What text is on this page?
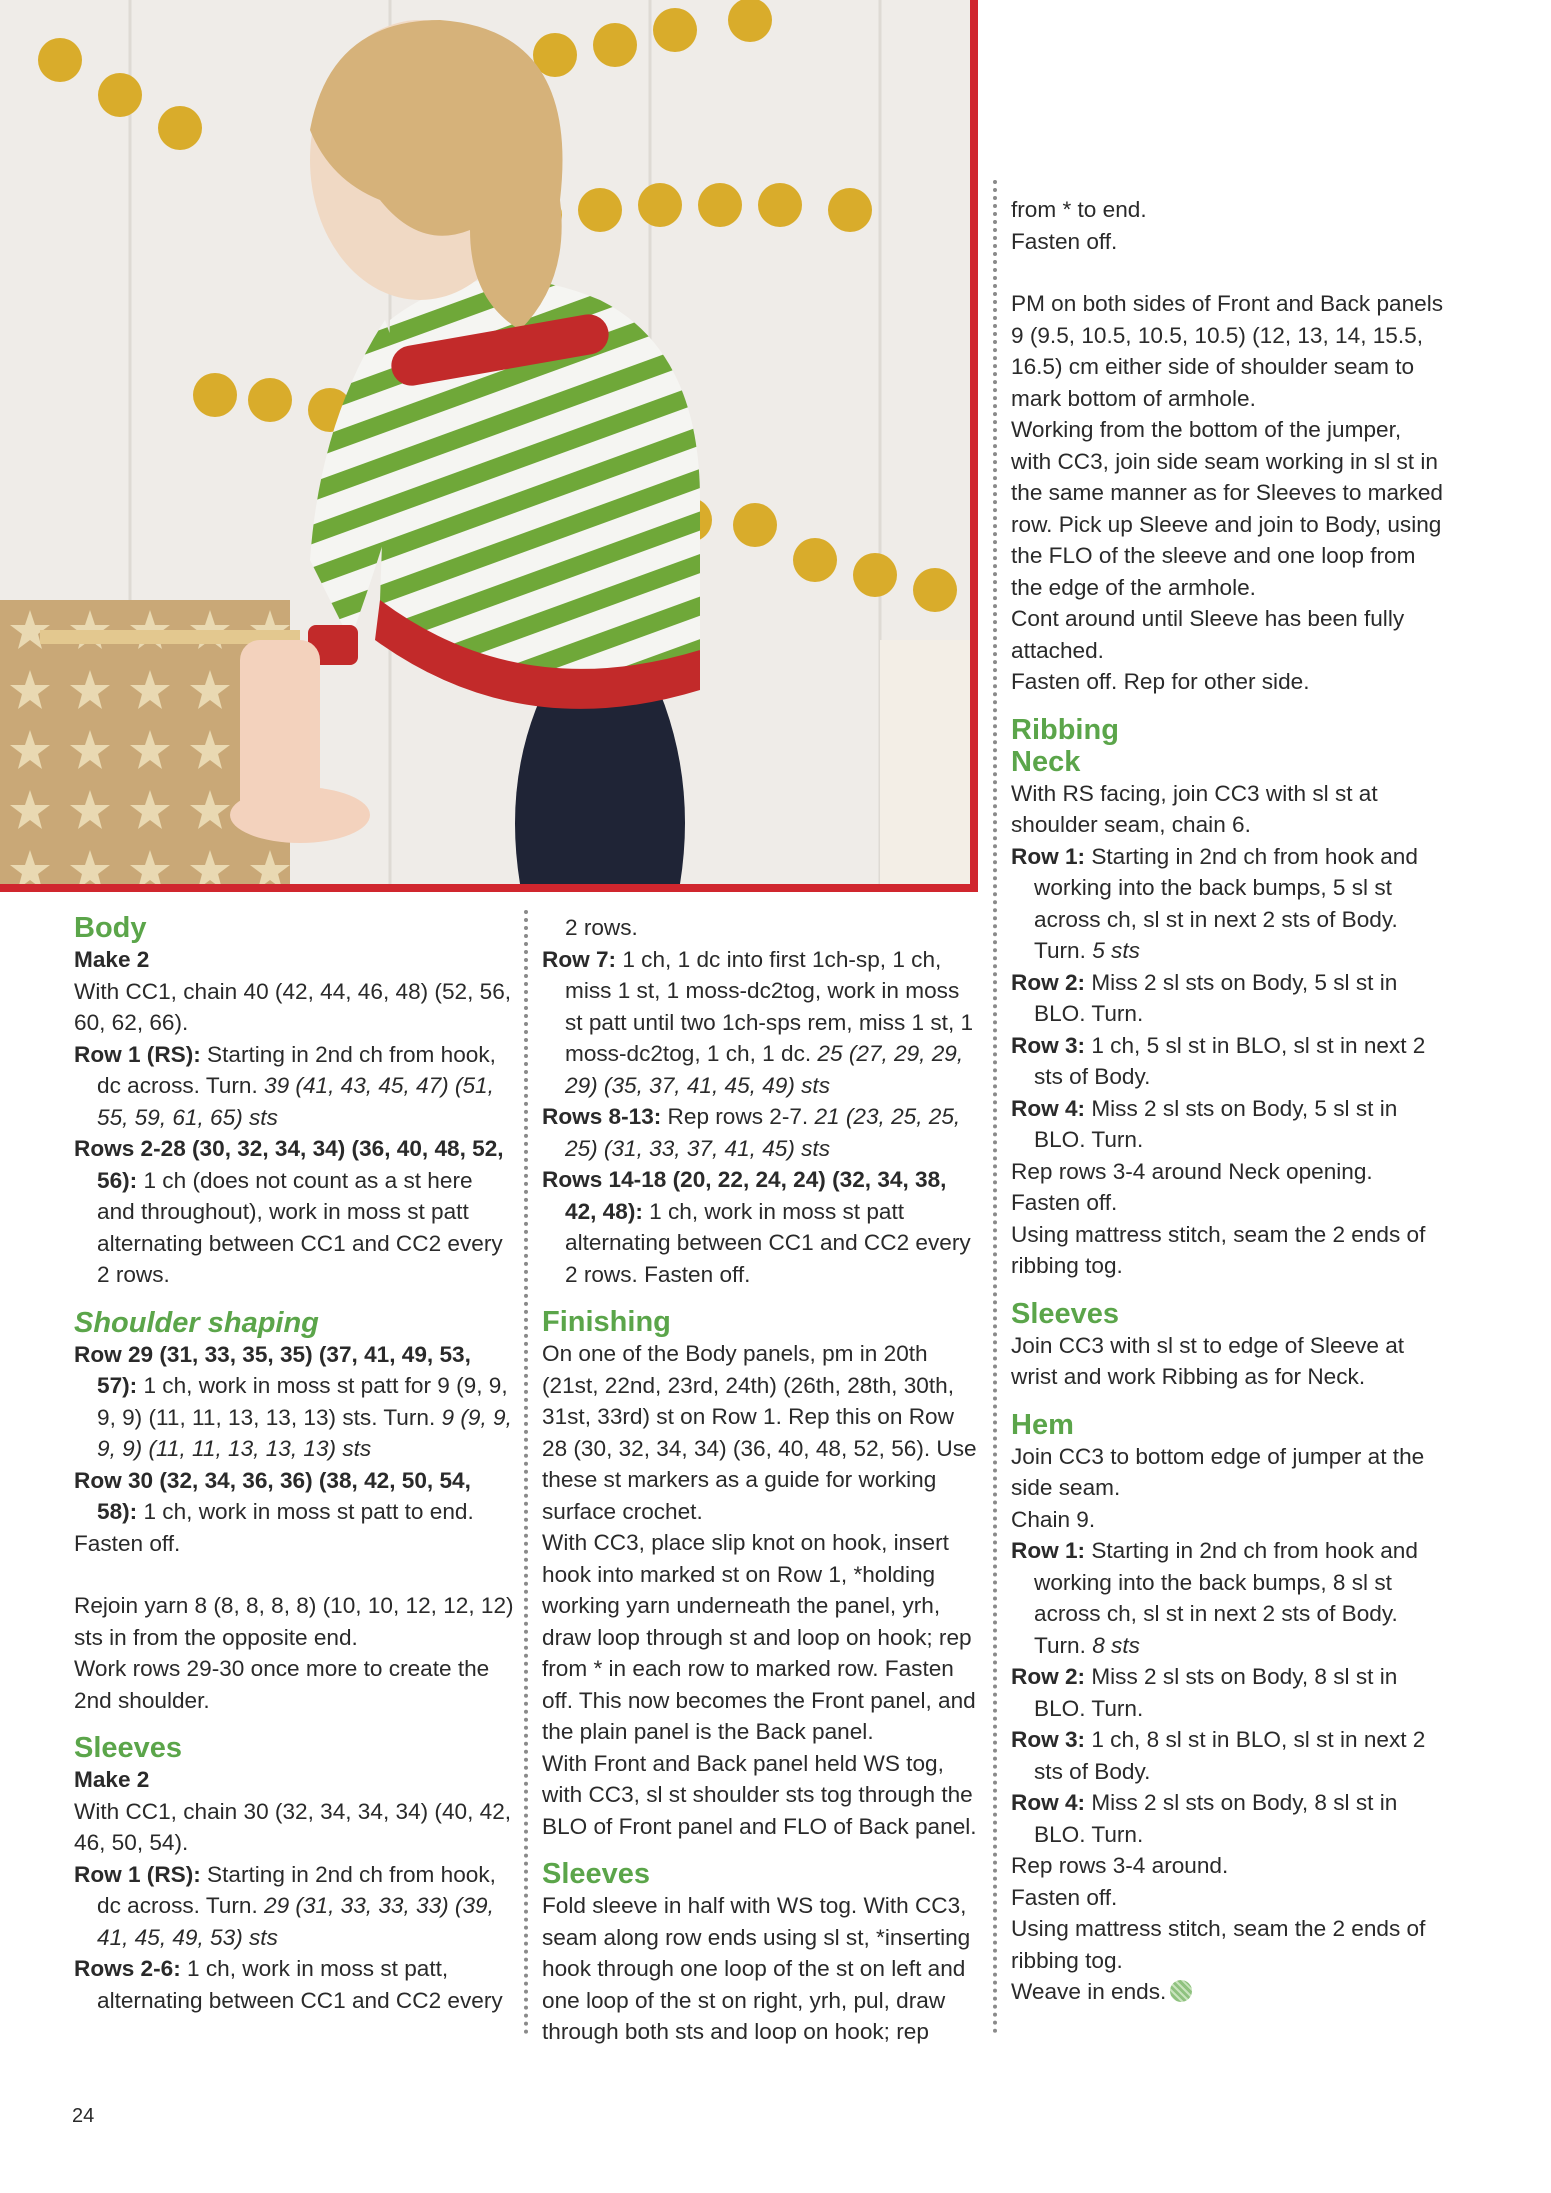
Body

Make 2

With CC1, chain 40 (42, 44, 46, 48) (52, 56, 60, 62, 66).

Row 1 (RS): Starting in 2nd ch from hook, dc across. Turn. 39 (41, 43, 45, 47) (51, 55, 59, 61, 65) sts

Rows 2-28 (30, 32, 34, 34) (36, 40, 48, 52, 56): 1 ch (does not count as a st here and throughout), work in moss st patt alternating between CC1 and CC2 every 2 rows.

Shoulder shaping

Row 29 (31, 33, 35, 35) (37, 41, 49, 53, 57): 1 ch, work in moss st patt for 9 (9, 9, 9, 9) (11, 11, 13, 13, 13) sts. Turn. 9 (9, 9, 9, 9) (11, 11, 13, 13, 13) sts

Row 30 (32, 34, 36, 36) (38, 42, 50, 54, 58): 1 ch, work in moss st patt to end.

Fasten off.

Rejoin yarn 8 (8, 8, 8, 8) (10, 10, 12, 12, 12) sts in from the opposite end.

Work rows 29-30 once more to create the 2nd shoulder.

Sleeves

Make 2

With CC1, chain 30 (32, 34, 34, 34) (40, 42, 46, 50, 54).

Row 1 (RS): Starting in 2nd ch from hook, dc across. Turn. 29 (31, 33, 33, 33) (39, 41, 45, 49, 53) sts

Rows 2-6: 1 ch, work in moss st patt, alternating between CC1 and CC2 every

2 rows.

Row 7: 1 ch, 1 dc into first 1ch-sp, 1 ch, miss 1 st, 1 moss-dc2tog, work in moss st patt until two 1ch-sps rem, miss 1 st, 1 moss-dc2tog, 1 ch, 1 dc. 25 (27, 29, 29, 29) (35, 37, 41, 45, 49) sts

Rows 8-13: Rep rows 2-7. 21 (23, 25, 25, 25) (31, 33, 37, 41, 45) sts

Rows 14-18 (20, 22, 24, 24) (32, 34, 38, 42, 48): 1 ch, work in moss st patt alternating between CC1 and CC2 every 2 rows. Fasten off.

Finishing

On one of the Body panels, pm in 20th (21st, 22nd, 23rd, 24th) (26th, 28th, 30th, 31st, 33rd) st on Row 1. Rep this on Row 28 (30, 32, 34, 34) (36, 40, 48, 52, 56). Use these st markers as a guide for working surface crochet.

With CC3, place slip knot on hook, insert hook into marked st on Row 1, *holding working yarn underneath the panel, yrh, draw loop through st and loop on hook; rep from * in each row to marked row. Fasten off. This now becomes the Front panel, and the plain panel is the Back panel.

With Front and Back panel held WS tog, with CC3, sl st shoulder sts tog through the BLO of Front panel and FLO of Back panel.

Sleeves

Fold sleeve in half with WS tog. With CC3, seam along row ends using sl st, *inserting hook through one loop of the st on left and one loop of the st on right, yrh, pul, draw through both sts and loop on hook; rep

from * to end.

Fasten off.

PM on both sides of Front and Back panels 9 (9.5, 10.5, 10.5, 10.5) (12, 13, 14, 15.5, 16.5) cm either side of shoulder seam to mark bottom of armhole.

Working from the bottom of the jumper, with CC3, join side seam working in sl st in the same manner as for Sleeves to marked row. Pick up Sleeve and join to Body, using the FLO of the sleeve and one loop from the edge of the armhole.

Cont around until Sleeve has been fully attached.

Fasten off. Rep for other side.

Ribbing

Neck

With RS facing, join CC3 with sl st at shoulder seam, chain 6.

Row 1: Starting in 2nd ch from hook and working into the back bumps, 5 sl st across ch, sl st in next 2 sts of Body. Turn. 5 sts

Row 2: Miss 2 sl sts on Body, 5 sl st in BLO. Turn.

Row 3: 1 ch, 5 sl st in BLO, sl st in next 2 sts of Body.

Row 4: Miss 2 sl sts on Body, 5 sl st in BLO. Turn.

Rep rows 3-4 around Neck opening.

Fasten off.

Using mattress stitch, seam the 2 ends of ribbing tog.

Sleeves

Join CC3 with sl st to edge of Sleeve at wrist and work Ribbing as for Neck.

Hem

Join CC3 to bottom edge of jumper at the side seam.

Chain 9.

Row 1: Starting in 2nd ch from hook and working into the back bumps, 8 sl st across ch, sl st in next 2 sts of Body. Turn. 8 sts

Row 2: Miss 2 sl sts on Body, 8 sl st in BLO. Turn.

Row 3: 1 ch, 8 sl st in BLO, sl st in next 2 sts of Body.

Row 4: Miss 2 sl sts on Body, 8 sl st in BLO. Turn.

Rep rows 3-4 around.

Fasten off.

Using mattress stitch, seam the 2 ends of ribbing tog.

Weave in ends.

24
